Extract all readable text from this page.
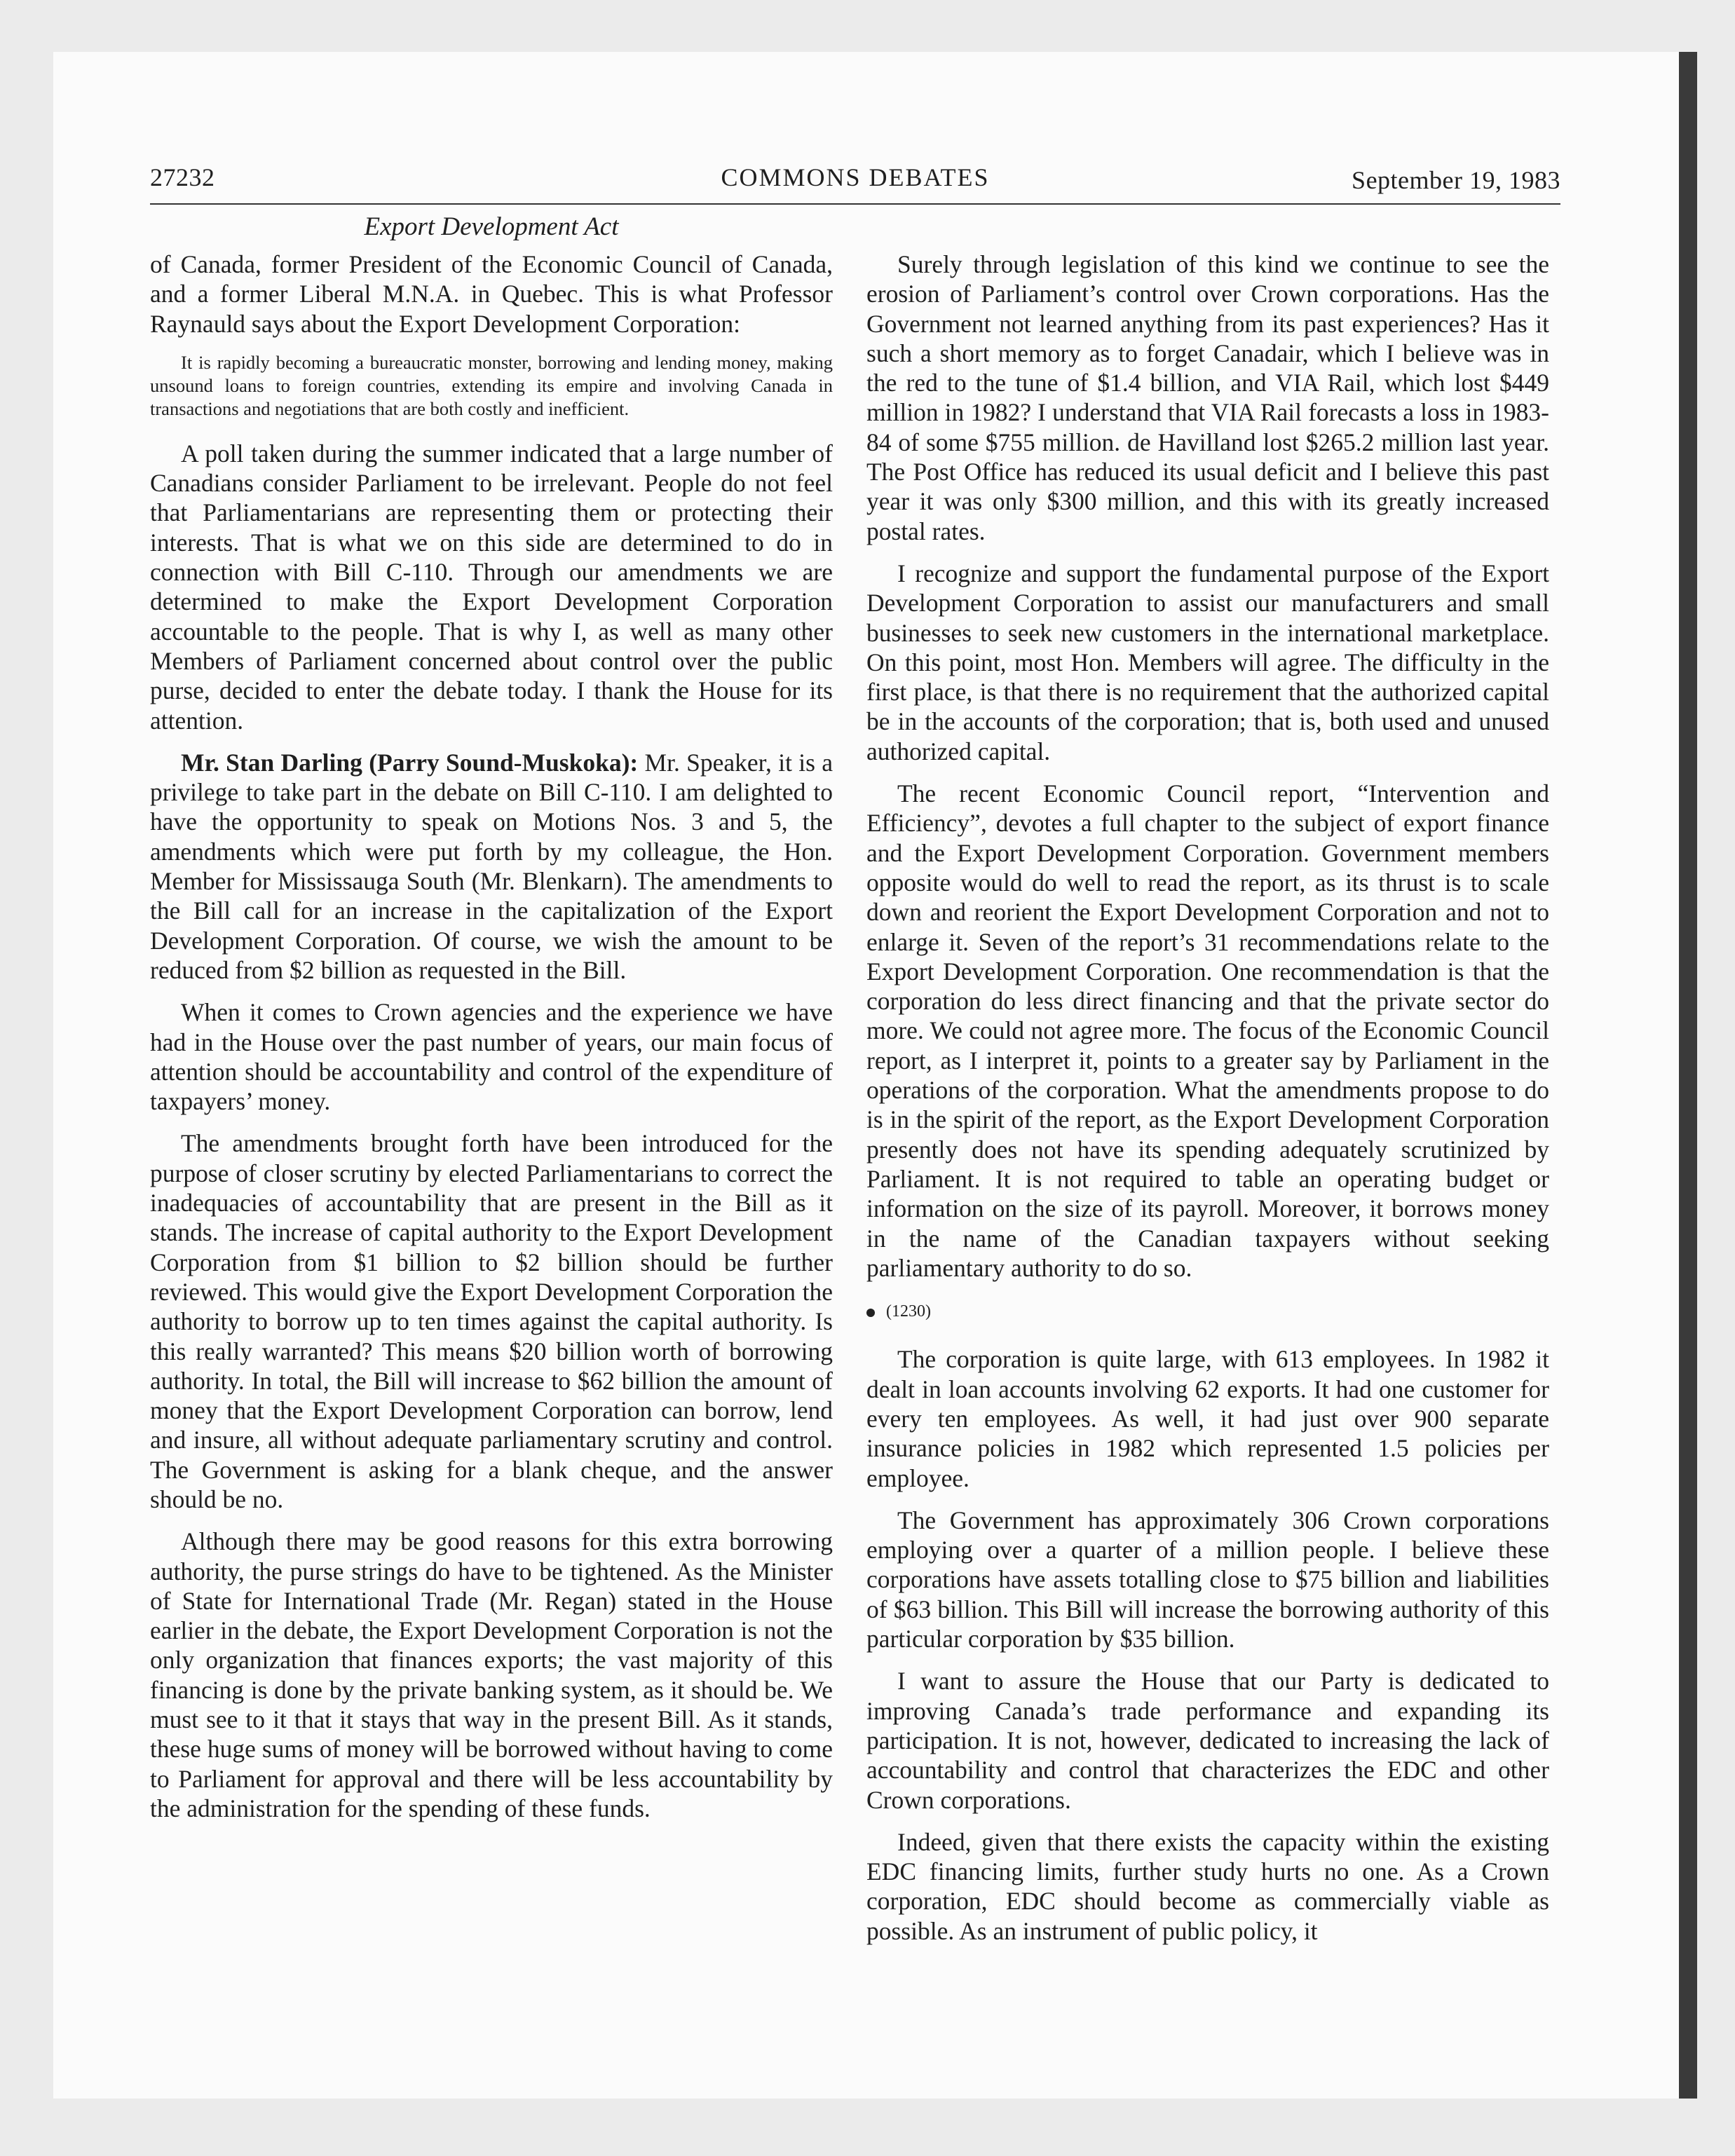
27232	COMMONS DEBATES	September 19, 1983
Export Development Act

of Canada, former President of the Economic Council of Canada, and a former Liberal M.N.A. in Quebec. This is what Professor Raynauld says about the Export Development Corporation:

It is rapidly becoming a bureaucratic monster, borrowing and lending money, making unsound loans to foreign countries, extending its empire and involving Canada in transactions and negotiations that are both costly and inefficient.

A poll taken during the summer indicated that a large number of Canadians consider Parliament to be irrelevant. People do not feel that Parliamentarians are representing them or protecting their interests. That is what we on this side are determined to do in connection with Bill C-110. Through our amendments we are determined to make the Export Development Corporation accountable to the people. That is why I, as well as many other Members of Parliament concerned about control over the public purse, decided to enter the debate today. I thank the House for its attention.

Mr. Stan Darling (Parry Sound-Muskoka): Mr. Speaker, it is a privilege to take part in the debate on Bill C-110. I am delighted to have the opportunity to speak on Motions Nos. 3 and 5, the amendments which were put forth by my colleague, the Hon. Member for Mississauga South (Mr. Blenkarn). The amendments to the Bill call for an increase in the capitalization of the Export Development Corporation. Of course, we wish the amount to be reduced from $2 billion as requested in the Bill.

When it comes to Crown agencies and the experience we have had in the House over the past number of years, our main focus of attention should be accountability and control of the expenditure of taxpayers’ money.

The amendments brought forth have been introduced for the purpose of closer scrutiny by elected Parliamentarians to correct the inadequacies of accountability that are present in the Bill as it stands. The increase of capital authority to the Export Development Corporation from $1 billion to $2 billion should be further reviewed. This would give the Export Development Corporation the authority to borrow up to ten times against the capital authority. Is this really warranted? This means $20 billion worth of borrowing authority. In total, the Bill will increase to $62 billion the amount of money that the Export Development Corporation can borrow, lend and insure, all without adequate parliamentary scrutiny and control. The Government is asking for a blank cheque, and the answer should be no.

Although there may be good reasons for this extra borrowing authority, the purse strings do have to be tightened. As the Minister of State for International Trade (Mr. Regan) stated in the House earlier in the debate, the Export Development Corporation is not the only organization that finances exports; the vast majority of this financing is done by the private banking system, as it should be. We must see to it that it stays that way in the present Bill. As it stands, these huge sums of money will be borrowed without having to come to Parliament for approval and there will be less accountability by the administration for the spending of these funds.

Surely through legislation of this kind we continue to see the erosion of Parliament’s control over Crown corporations. Has the Government not learned anything from its past experiences? Has it such a short memory as to forget Canadair, which I believe was in the red to the tune of $1.4 billion, and VIA Rail, which lost $449 million in 1982? I understand that VIA Rail forecasts a loss in 1983-84 of some $755 million. de Havilland lost $265.2 million last year. The Post Office has reduced its usual deficit and I believe this past year it was only $300 million, and this with its greatly increased postal rates.

I recognize and support the fundamental purpose of the Export Development Corporation to assist our manufacturers and small businesses to seek new customers in the international marketplace. On this point, most Hon. Members will agree. The difficulty in the first place, is that there is no requirement that the authorized capital be in the accounts of the corporation; that is, both used and unused authorized capital.

The recent Economic Council report, “Intervention and Efficiency”, devotes a full chapter to the subject of export finance and the Export Development Corporation. Government members opposite would do well to read the report, as its thrust is to scale down and reorient the Export Development Corporation and not to enlarge it. Seven of the report’s 31 recommendations relate to the Export Development Corporation. One recommendation is that the corporation do less direct financing and that the private sector do more. We could not agree more. The focus of the Economic Council report, as I interpret it, points to a greater say by Parliament in the operations of the corporation. What the amendments propose to do is in the spirit of the report, as the Export Development Corporation presently does not have its spending adequately scrutinized by Parliament. It is not required to table an operating budget or information on the size of its payroll. Moreover, it borrows money in the name of the Canadian taxpayers without seeking parliamentary authority to do so.

(1230)

The corporation is quite large, with 613 employees. In 1982 it dealt in loan accounts involving 62 exports. It had one customer for every ten employees. As well, it had just over 900 separate insurance policies in 1982 which represented 1.5 policies per employee.

The Government has approximately 306 Crown corporations employing over a quarter of a million people. I believe these corporations have assets totalling close to $75 billion and liabilities of $63 billion. This Bill will increase the borrowing authority of this particular corporation by $35 billion.

I want to assure the House that our Party is dedicated to improving Canada’s trade performance and expanding its participation. It is not, however, dedicated to increasing the lack of accountability and control that characterizes the EDC and other Crown corporations.

Indeed, given that there exists the capacity within the existing EDC financing limits, further study hurts no one. As a Crown corporation, EDC should become as commercially viable as possible. As an instrument of public policy, it
